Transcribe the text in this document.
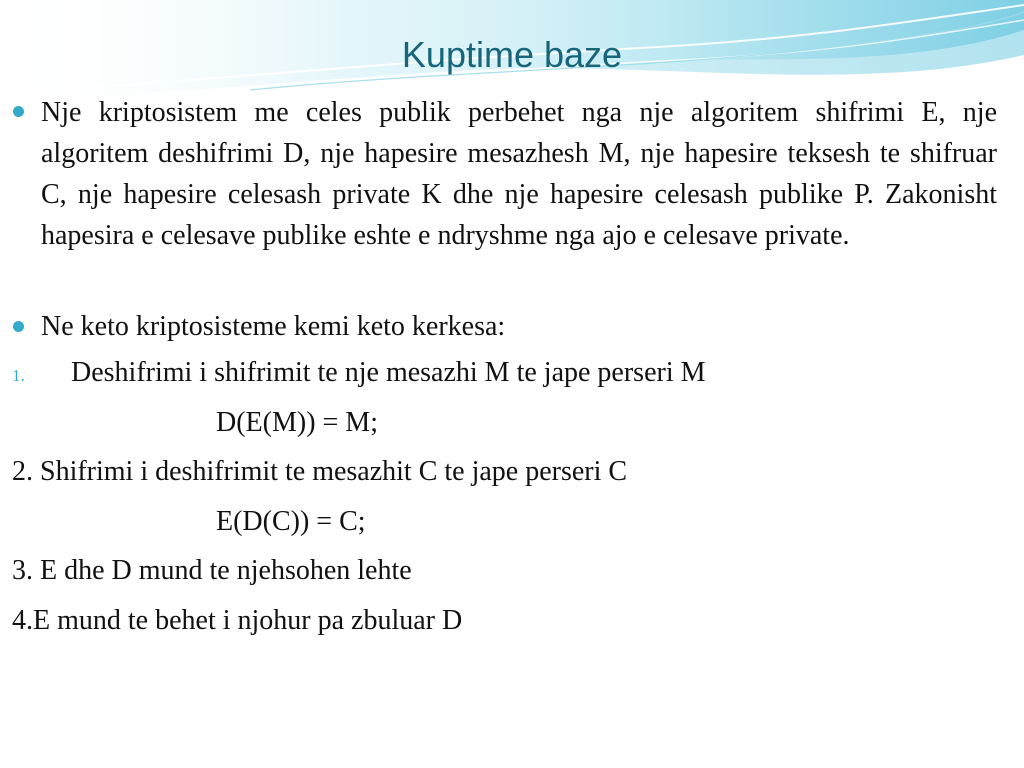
Kuptime baze
Nje kriptosistem me celes publik perbehet nga nje algoritem shifrimi E, nje algoritem deshifrimi D, nje hapesire mesazhesh M, nje hapesire teksesh te shifruar C, nje hapesire celesash private K dhe nje hapesire celesash publike P. Zakonisht hapesira e celesave publike eshte e ndryshme nga ajo e celesave private.
Ne keto kriptosisteme kemi keto kerkesa:
1. Deshifrimi i shifrimit te nje mesazhi M te jape perseri M
D(E(M)) = M;
2. Shifrimi i deshifrimit te mesazhit C te jape perseri C
E(D(C)) = C;
3. E dhe D mund te njehsohen lehte
4.E mund te behet i njohur pa zbuluar D
